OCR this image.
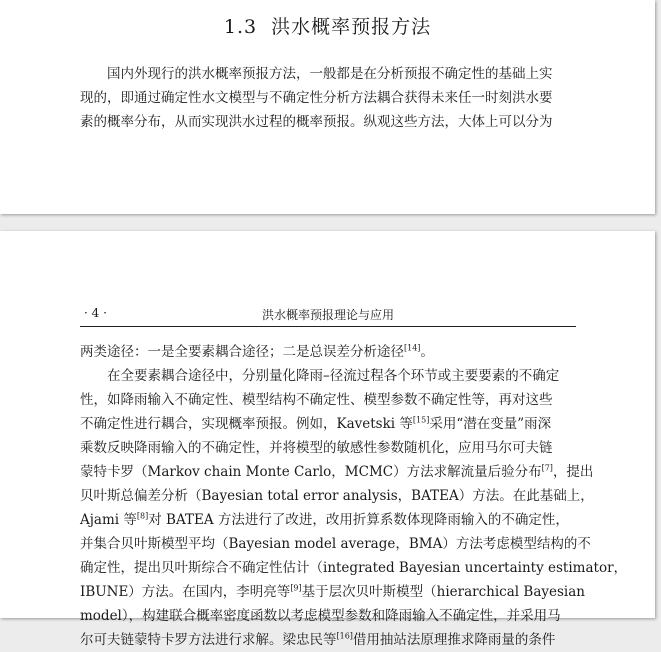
1.3 洪水概率预报方法
国内外现行的洪水概率预报方法，一般都是在分析预报不确定性的基础上实
现的，即通过确定性水文模型与不确定性分析方法耦合获得未来任一时刻洪水要
素的概率分布，从而实现洪水过程的概率预报。纵观这些方法，大体上可以分为
· 4 ·	洪水概率预报理论与应用
两类途径：一是全要素耦合途径；二是总误差分析途径[14]。
在全要素耦合途径中，分别量化降雨–径流过程各个环节或主要要素的不确定
性，如降雨输入不确定性、模型结构不确定性、模型参数不确定性等，再对这些
不确定性进行耦合，实现概率预报。例如，Kavetski 等[15]采用“潜在变量”雨深
乘数反映降雨输入的不确定性，并将模型的敏感性参数随机化，应用马尔可夫链
蒙特卡罗（Markov chain Monte Carlo，MCMC）方法求解流量后验分布[7]，提出
贝叶斯总偏差分析（Bayesian total error analysis，BATEA）方法。在此基础上，
Ajami 等[8]对 BATEA 方法进行了改进，改用折算系数体现降雨输入的不确定性，
并集合贝叶斯模型平均（Bayesian model average，BMA）方法考虑模型结构的不
确定性，提出贝叶斯综合不确定性估计（integrated Bayesian uncertainty estimator，
IBUNE）方法。在国内，李明亮等[9]基于层次贝叶斯模型（hierarchical Bayesian
model），构建联合概率密度函数以考虑模型参数和降雨输入不确定性，并采用马
尔可夫链蒙特卡罗方法进行求解。梁忠民等[16]借用抽站法原理推求降雨量的条件
